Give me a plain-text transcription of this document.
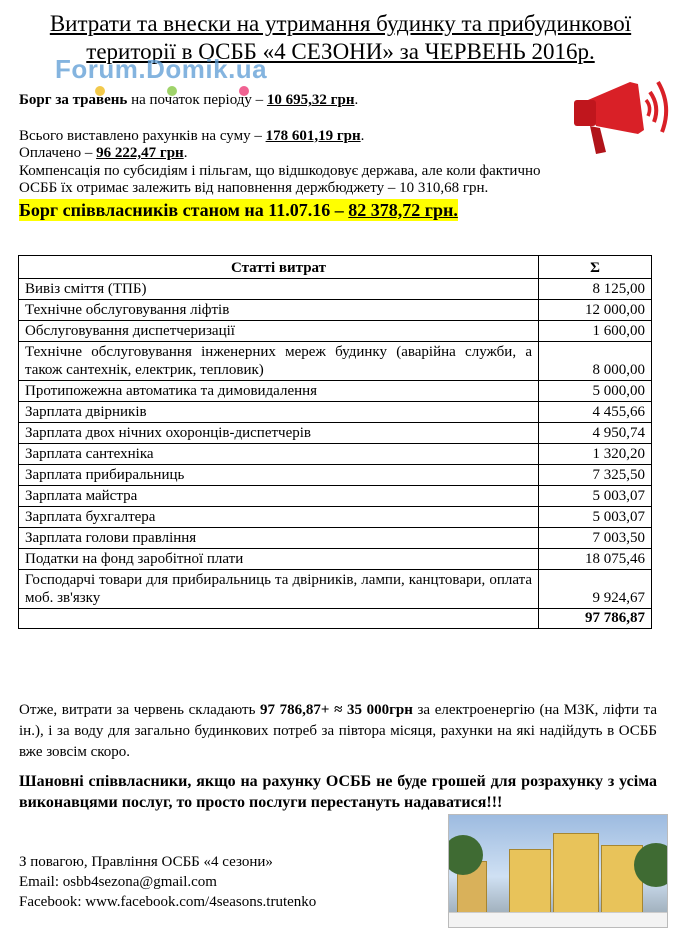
Витрати та внески на утримання будинку та прибудинкової території в ОСББ «4 СЕЗОНИ» за ЧЕРВЕНЬ 2016р.
Forum.Domik.ua

Борг за травень на початок періоду – 10 695,32 грн.

Всього виставлено рахунків на суму – 178 601,19 грн.

Оплачено – 96 222,47 грн.

Компенсація по субсидіям і пільгам, що відшкодовує держава, але коли фактично

ОСББ їх отримає залежить від наповнення держбюджету – 10 310,68 грн.

Борг співвласників станом на 11.07.16 – 82 378,72 грн.
Статті витрат	Σ
Вивіз сміття (ТПБ)	8 125,00
Технічне обслуговування ліфтів	12 000,00
Обслуговування диспетчеризації	1 600,00
Технічне обслуговування інженерних мереж будинку (аварійна служби, а також сантехнік, електрик, тепловик)	8 000,00
Протипожежна автоматика та димовидалення	5 000,00
Зарплата двірників	4 455,66
Зарплата двох нічних охоронців-диспетчерів	4 950,74
Зарплата сантехніка	1 320,20
Зарплата прибиральниць	7 325,50
Зарплата майстра	5 003,07
Зарплата бухгалтера	5 003,07
Зарплата голови правління	7 003,50
Податки на фонд заробітної плати	18 075,46
Господарчі товари для прибиральниць та двірників, лампи, канцтовари, оплата моб. зв'язку	9 924,67
	97 786,87
Отже, витрати за червень складають 97 786,87+ ≈ 35 000грн за електроенергію (на МЗК, ліфти та ін.), і за воду для загально будинкових потреб за півтора місяця, рахунки на які надійдуть в ОСББ вже зовсім скоро.
Шановні співвласники, якщо на рахунку ОСББ не буде грошей для розрахунку з усіма виконавцями послуг, то просто послуги перестануть надаватися!!!
З повагою, Правління ОСББ «4 сезони»
Email: osbb4sezona@gmail.com
Facebook: www.facebook.com/4seasons.trutenko
